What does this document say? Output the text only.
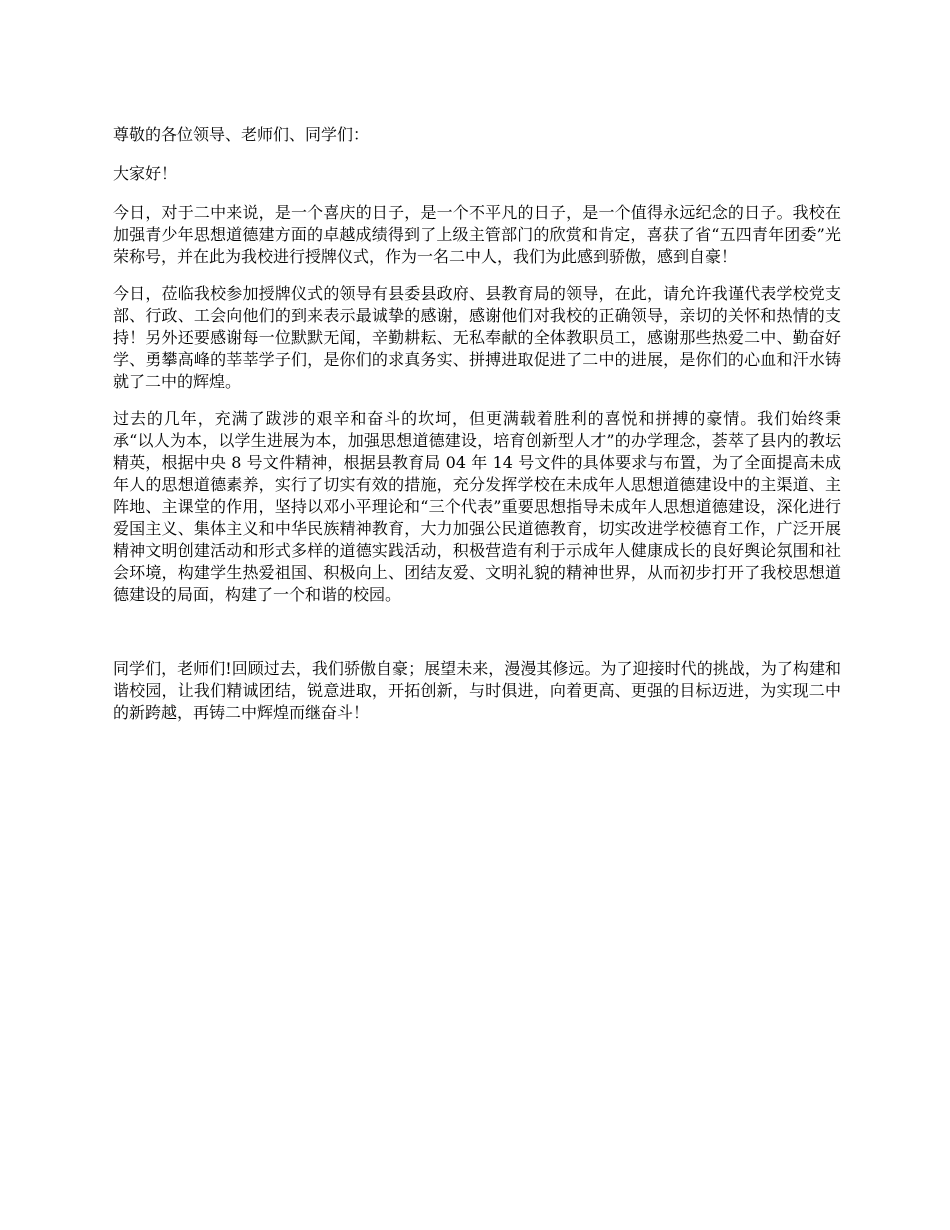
尊敬的各位领导、老师们、同学们：

大家好！

今日，对于二中来说，是一个喜庆的日子，是一个不平凡的日子，是一个值得永远纪念的日子。我校在加强青少年思想道德建方面的卓越成绩得到了上级主管部门的欣赏和肯定，喜获了省“五四青年团委”光荣称号，并在此为我校进行授牌仪式，作为一名二中人，我们为此感到骄傲，感到自豪！

今日，莅临我校参加授牌仪式的领导有县委县政府、县教育局的领导，在此，请允许我谨代表学校党支部、行政、工会向他们的到来表示最诚挚的感谢，感谢他们对我校的正确领导，亲切的关怀和热情的支持！另外还要感谢每一位默默无闻，辛勤耕耘、无私奉献的全体教职员工，感谢那些热爱二中、勤奋好学、勇攀高峰的莘莘学子们，是你们的求真务实、拼搏进取促进了二中的进展，是你们的心血和汗水铸就了二中的辉煌。

过去的几年，充满了跋涉的艰辛和奋斗的坎坷，但更满载着胜利的喜悦和拼搏的豪情。我们始终秉承“以人为本，以学生进展为本，加强思想道德建设，培育创新型人才”的办学理念，荟萃了县内的教坛精英，根据中央 8 号文件精神，根据县教育局 04 年 14 号文件的具体要求与布置，为了全面提高未成年人的思想道德素养，实行了切实有效的措施，充分发挥学校在未成年人思想道德建设中的主渠道、主阵地、主课堂的作用，坚持以邓小平理论和“三个代表”重要思想指导未成年人思想道德建设，深化进行爱国主义、集体主义和中华民族精神教育，大力加强公民道德教育，切实改进学校德育工作，广泛开展精神文明创建活动和形式多样的道德实践活动，积极营造有利于示成年人健康成长的良好舆论氛围和社会环境，构建学生热爱祖国、积极向上、团结友爱、文明礼貌的精神世界，从而初步打开了我校思想道德建设的局面，构建了一个和谐的校园。

同学们，老师们!回顾过去，我们骄傲自豪；展望未来，漫漫其修远。为了迎接时代的挑战，为了构建和谐校园，让我们精诚团结，锐意进取，开拓创新，与时俱进，向着更高、更强的目标迈进，为实现二中的新跨越，再铸二中辉煌而继奋斗！
